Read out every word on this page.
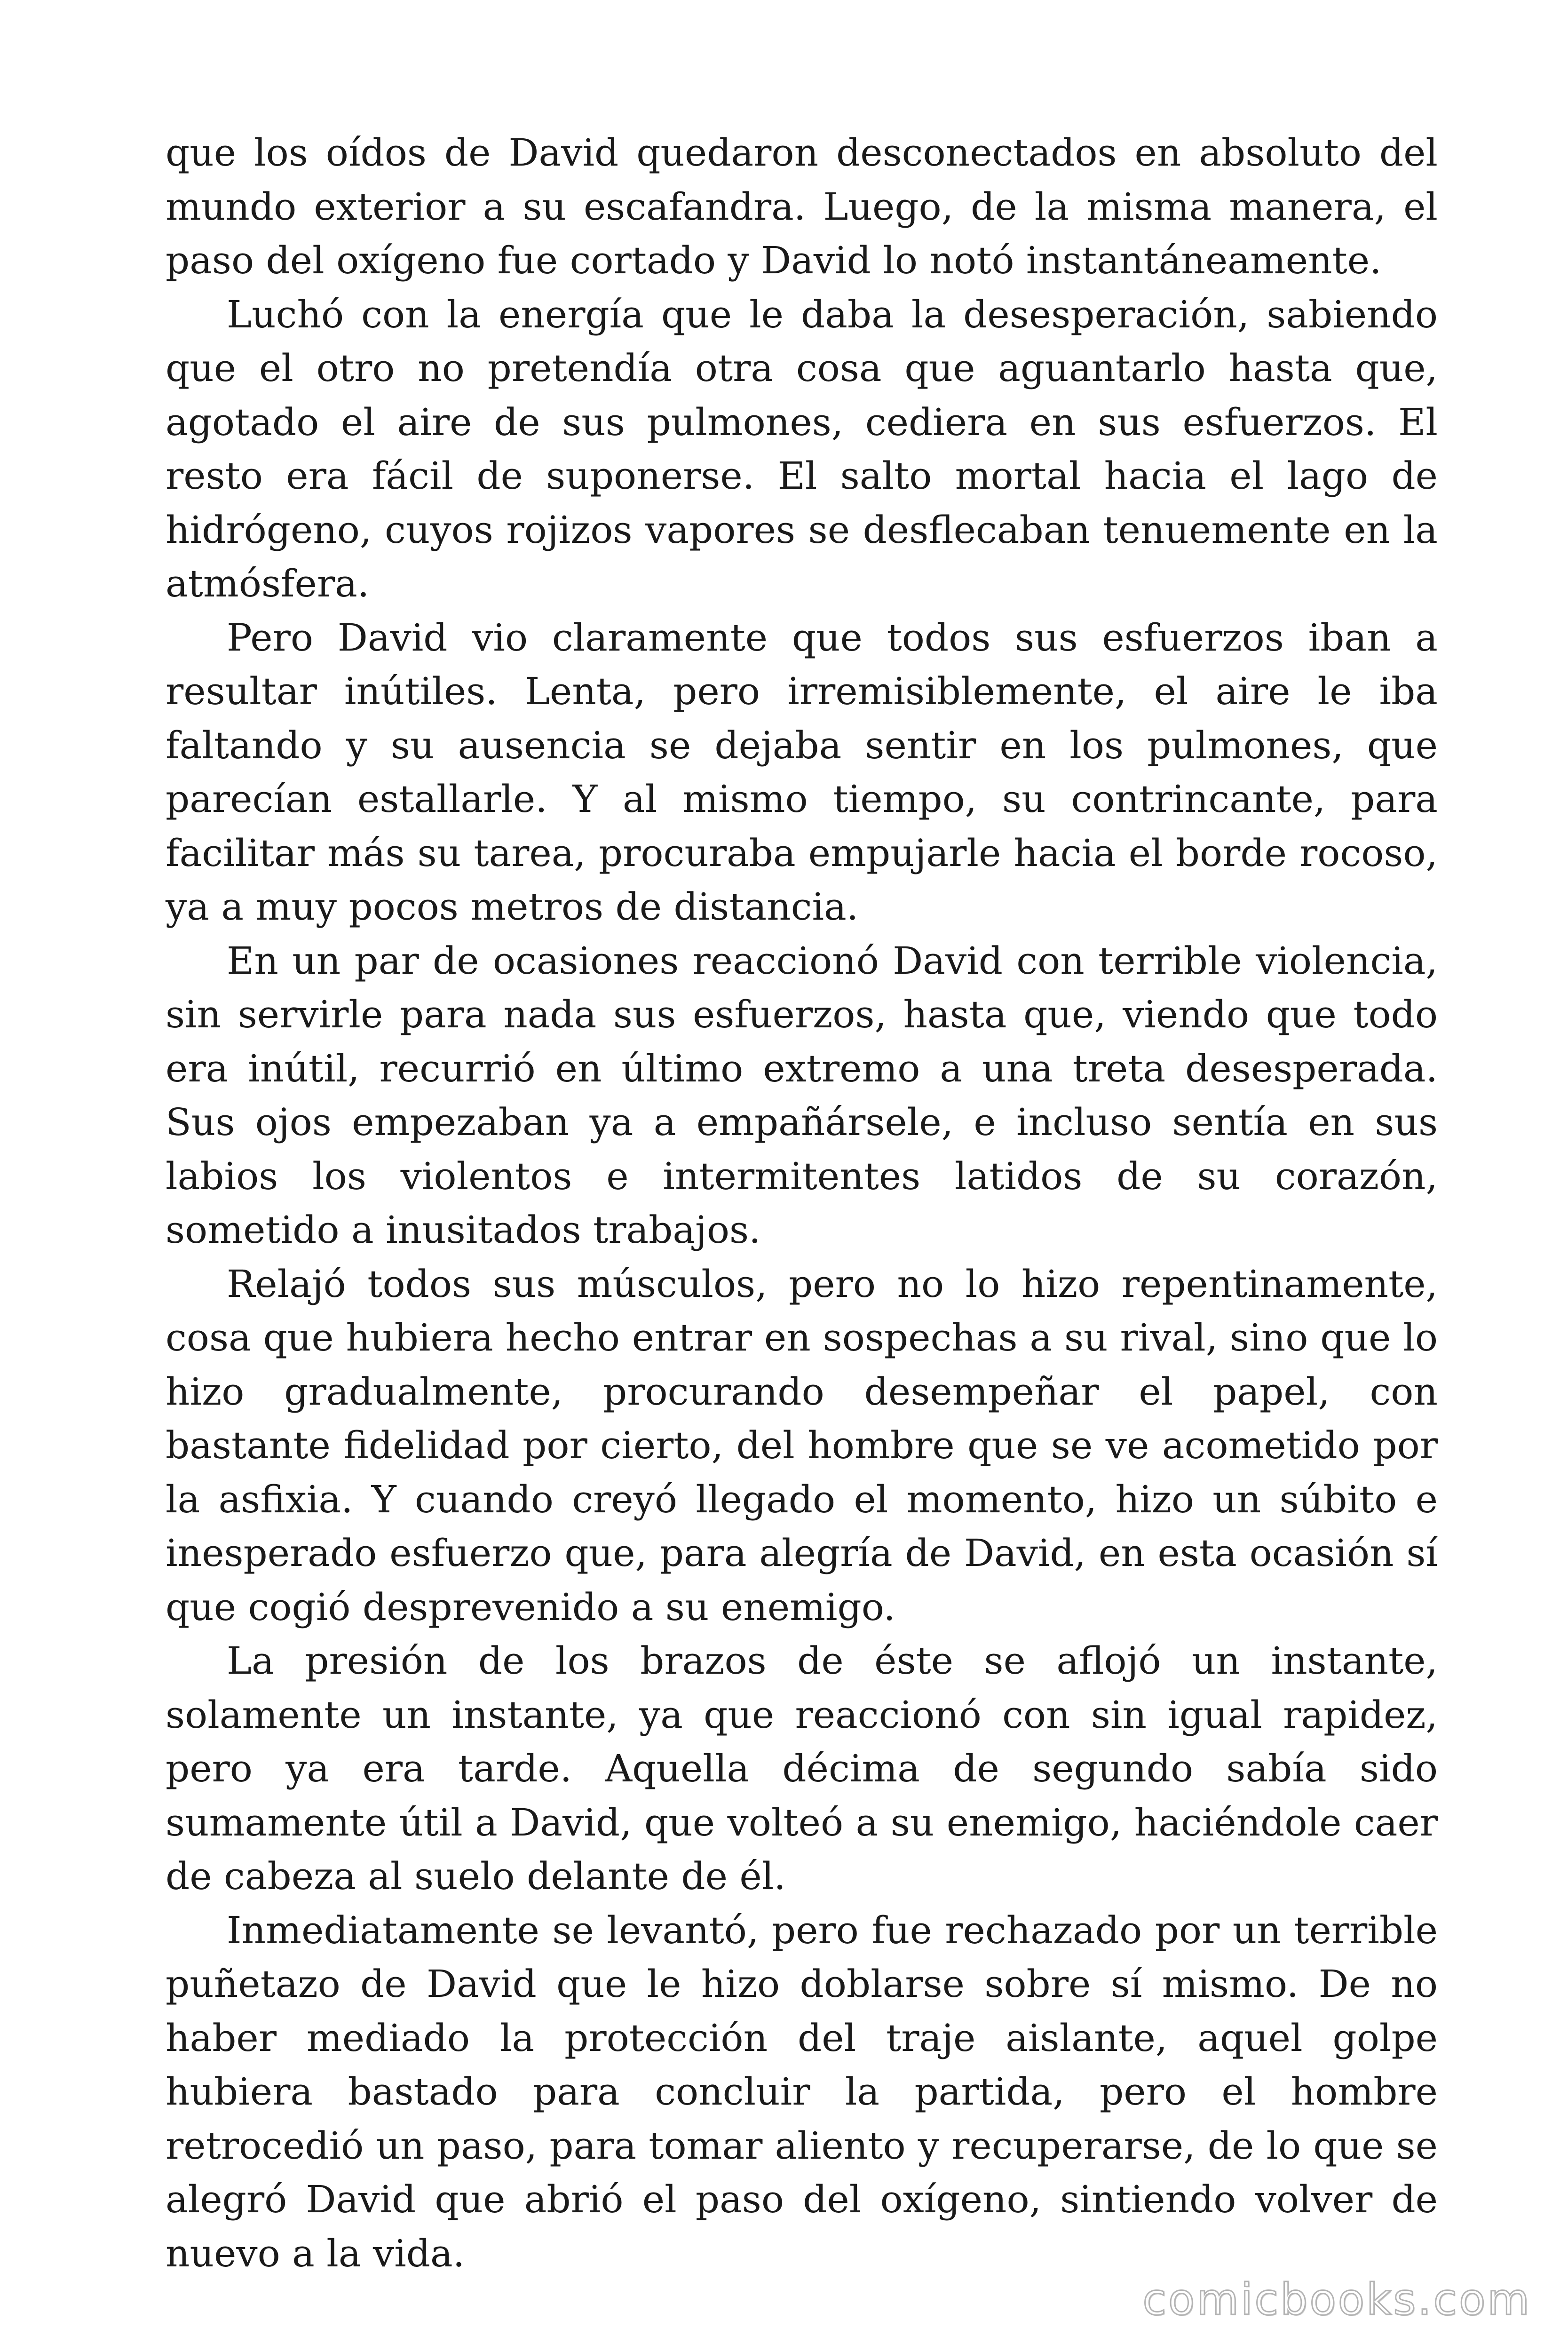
que los oídos de David quedaron desconectados en absoluto del mundo exterior a su escafandra. Luego, de la misma manera, el paso del oxígeno fue cortado y David lo notó instantáneamente.

Luchó con la energía que le daba la desesperación, sabiendo que el otro no pretendía otra cosa que aguantarlo hasta que, agotado el aire de sus pulmones, cediera en sus esfuerzos. El resto era fácil de suponerse. El salto mortal hacia el lago de hidrógeno, cuyos rojizos vapores se desflecaban tenuemente en la atmósfera.

Pero David vio claramente que todos sus esfuerzos iban a resultar inútiles. Lenta, pero irremisiblemente, el aire le iba faltando y su ausencia se dejaba sentir en los pulmones, que parecían estallarle. Y al mismo tiempo, su contrincante, para facilitar más su tarea, procuraba empujarle hacia el borde rocoso, ya a muy pocos metros de distancia.

En un par de ocasiones reaccionó David con terrible violencia, sin servirle para nada sus esfuerzos, hasta que, viendo que todo era inútil, recurrió en último extremo a una treta desesperada. Sus ojos empezaban ya a empañársele, e incluso sentía en sus labios los violentos e intermitentes latidos de su corazón, sometido a inusitados trabajos.

Relajó todos sus músculos, pero no lo hizo repentinamente, cosa que hubiera hecho entrar en sospechas a su rival, sino que lo hizo gradualmente, procurando desempeñar el papel, con bastante fidelidad por cierto, del hombre que se ve acometido por la asfixia. Y cuando creyó llegado el momento, hizo un súbito e inesperado esfuerzo que, para alegría de David, en esta ocasión sí que cogió desprevenido a su enemigo.

La presión de los brazos de éste se aflojó un instante, solamente un instante, ya que reaccionó con sin igual rapidez, pero ya era tarde. Aquella décima de segundo sabía sido sumamente útil a David, que volteó a su enemigo, haciéndole caer de cabeza al suelo delante de él.

Inmediatamente se levantó, pero fue rechazado por un terrible puñetazo de David que le hizo doblarse sobre sí mismo. De no haber mediado la protección del traje aislante, aquel golpe hubiera bastado para concluir la partida, pero el hombre retrocedió un paso, para tomar aliento y recuperarse, de lo que se alegró David que abrió el paso del oxígeno, sintiendo volver de nuevo a la vida.

comicbooks.com
